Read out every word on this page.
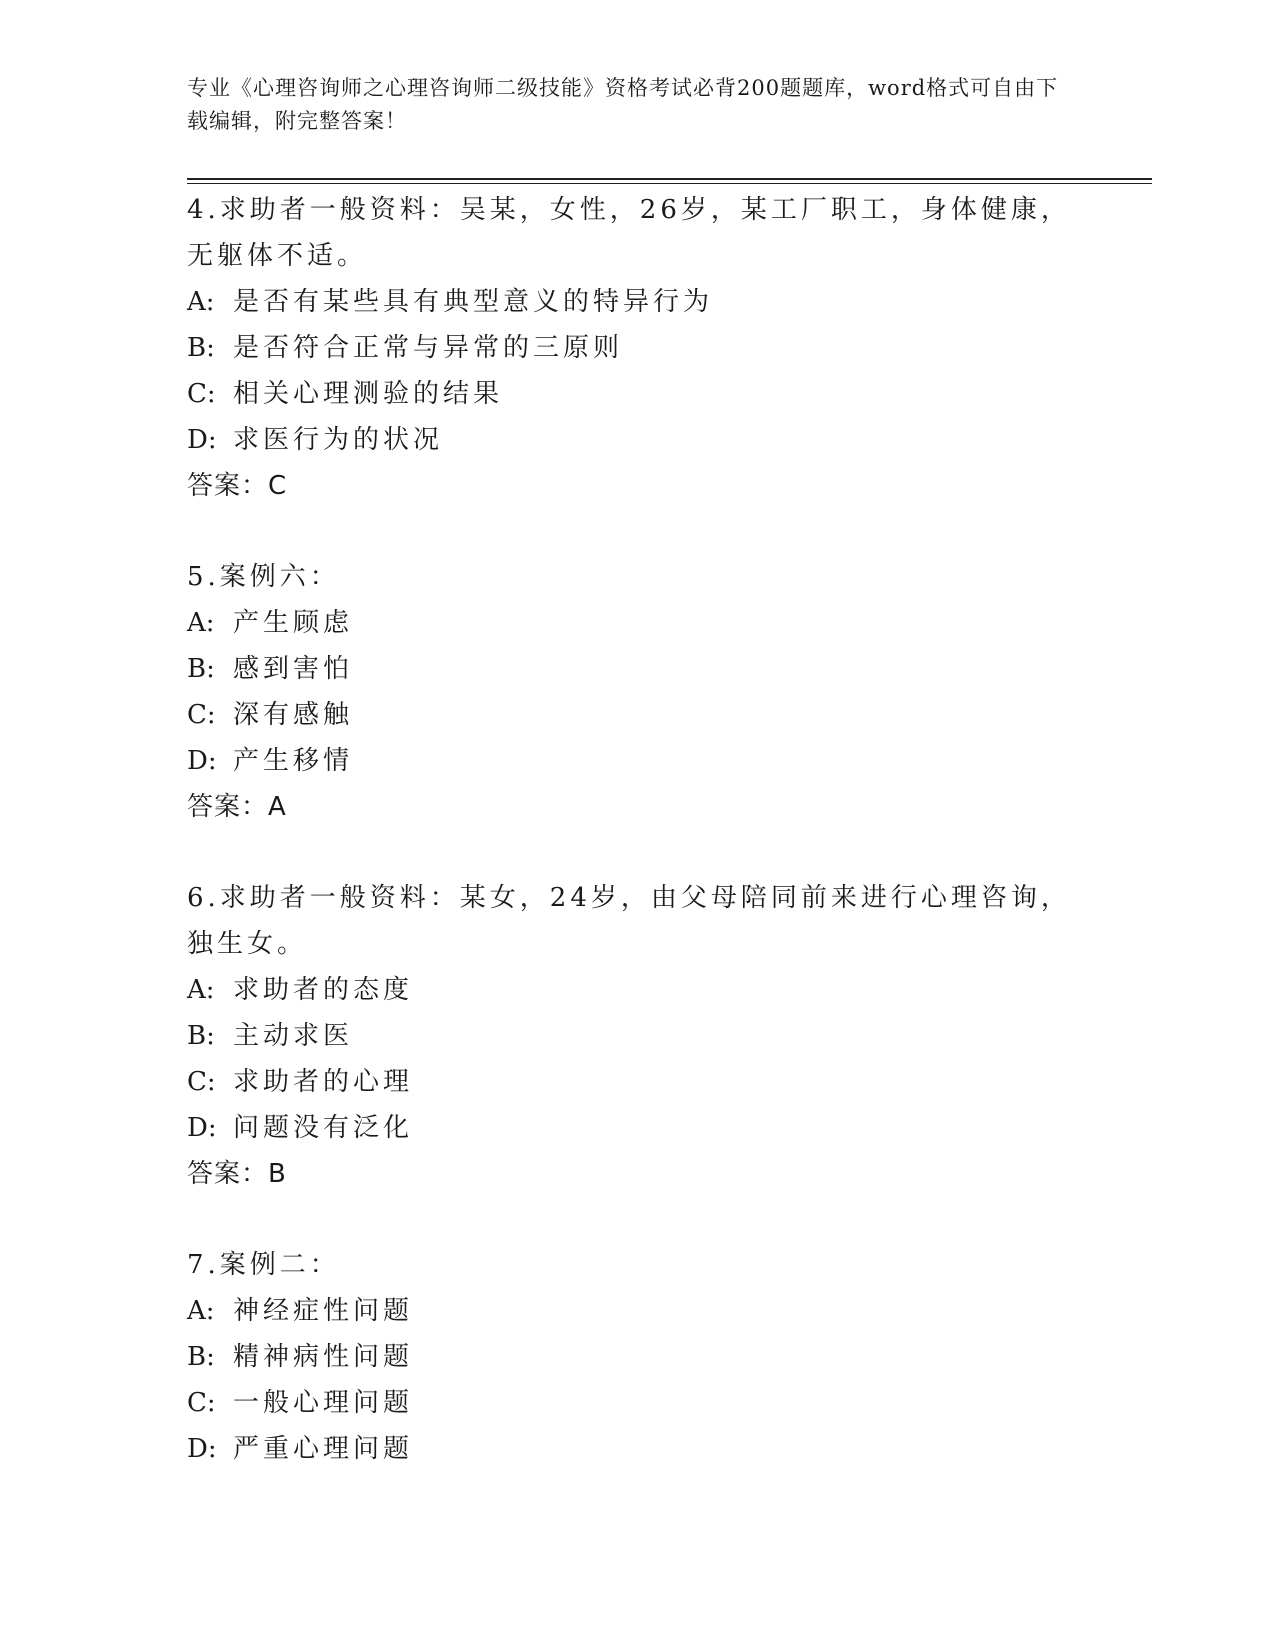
专业《心理咨询师之心理咨询师二级技能》资格考试必背200题题库，word格式可自由下载编辑，附完整答案！
4.求助者一般资料：吴某，女性，26岁，某工厂职工，身体健康，无躯体不适。
A: 是否有某些具有典型意义的特异行为
B: 是否符合正常与异常的三原则
C: 相关心理测验的结果
D: 求医行为的状况
答案：C
5.案例六：
A: 产生顾虑
B: 感到害怕
C: 深有感触
D: 产生移情
答案：A
6.求助者一般资料：某女，24岁，由父母陪同前来进行心理咨询，独生女。
A: 求助者的态度
B: 主动求医
C: 求助者的心理
D: 问题没有泛化
答案：B
7.案例二：
A: 神经症性问题
B: 精神病性问题
C: 一般心理问题
D: 严重心理问题
